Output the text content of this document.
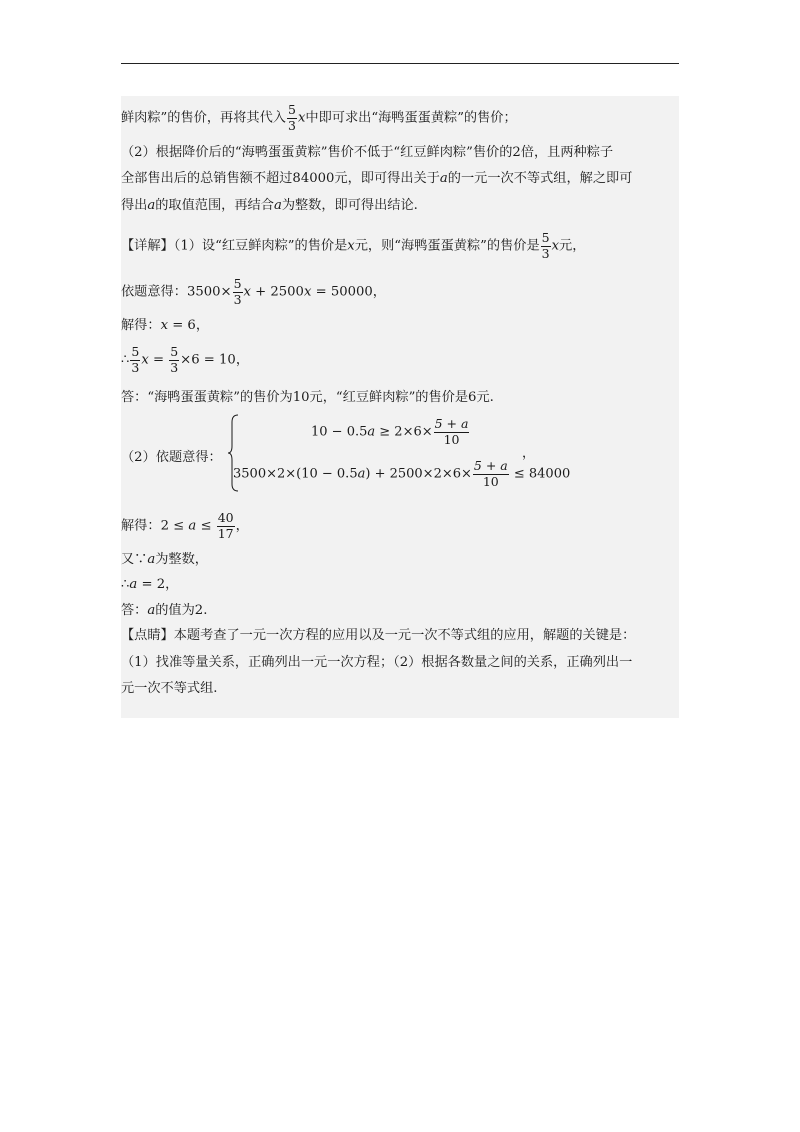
鲜肉粽”的售价，再将其代入 $\frac{5}{3}$ x中即可求出“海鸭蛋蛋黄粽”的售价；
（2）根据降价后的“海鸭蛋蛋黄粽”售价不低于“红豆鲜肉粽”售价的2倍，且两种粽子
全部售出后的总销售额不超过84000元，即可得出关于a的一元一次不等式组，解之即可
得出a的取值范围，再结合a为整数，即可得出结论.
【详解】（1）设“红豆鲜肉粽”的售价是x元，则“海鸭蛋蛋黄粽”的售价是 $\frac{5}{3}$ x元，
依题意得：$3500\times \frac{5}{3}$ x + 2500x = 50000，
解得：x = 6，
∴ $\frac{5}{3}$ $x = \frac{5}{3} \times 6 = 10$，
答：“海鸭蛋蛋黄粽”的售价为10元，“红豆鲜肉粽”的售价是6元.
（2）依题意得：
$10 - 0.5a \ge 2\times 6\times \frac{5 + a}{10}$
$3500\times 2\times(10 - 0.5a) + 2500\times 2\times 6\times \frac{5 + a}{10} \le 84000$
，
解得：$2 \le a \le \frac{40}{17}$ ，
又∵a为整数，
∴a = 2，
答：a的值为2.
【点睛】本题考查了一元一次方程的应用以及一元一次不等式组的应用，解题的关键是：
（1）找准等量关系，正确列出一元一次方程；（2）根据各数量之间的关系，正确列出一
元一次不等式组.
